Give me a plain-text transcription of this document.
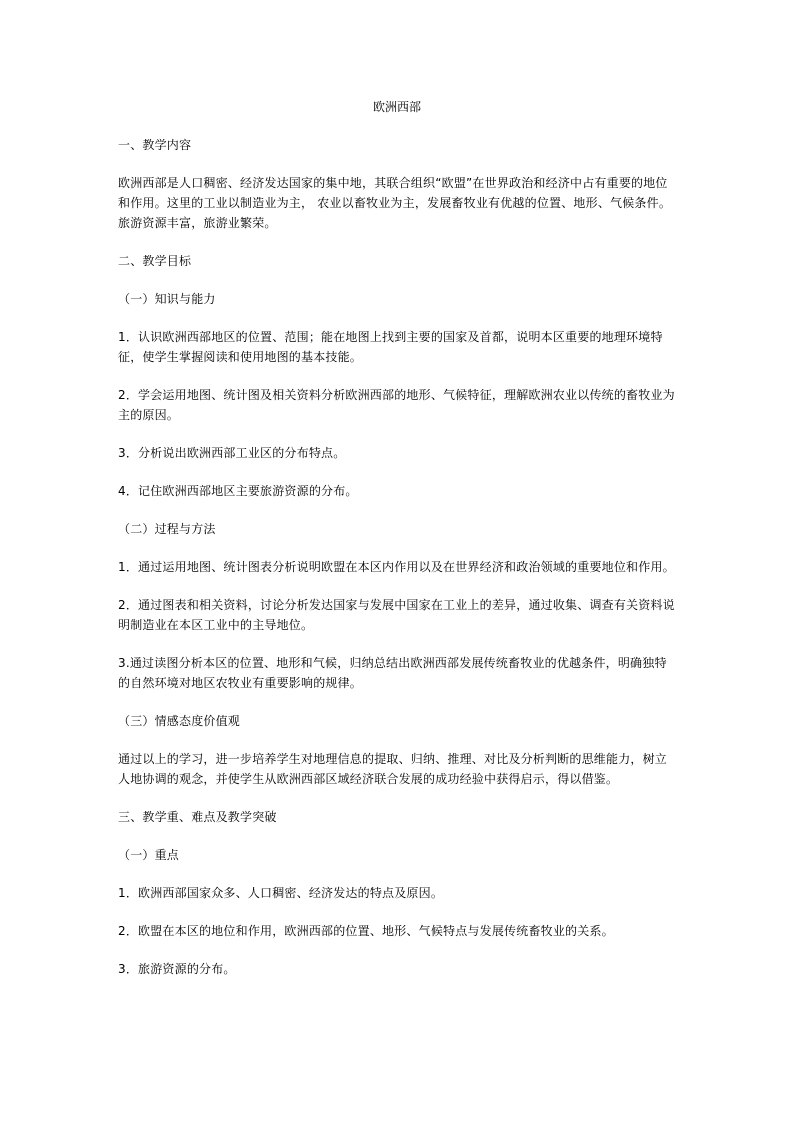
欧洲西部

一、教学内容

欧洲西部是人口稠密、经济发达国家的集中地，其联合组织“欧盟”在世界政治和经济中占有重要的地位和作用。这里的工业以制造业为主， 农业以畜牧业为主，发展畜牧业有优越的位置、地形、气候条件。旅游资源丰富，旅游业繁荣。

二、教学目标

（一）知识与能力

1．认识欧洲西部地区的位置、范围；能在地图上找到主要的国家及首都，说明本区重要的地理环境特征，使学生掌握阅读和使用地图的基本技能。

2．学会运用地图、统计图及相关资料分析欧洲西部的地形、气候特征，理解欧洲农业以传统的畜牧业为主的原因。

3．分析说出欧洲西部工业区的分布特点。

4．记住欧洲西部地区主要旅游资源的分布。

（二）过程与方法

1．通过运用地图、统计图表分析说明欧盟在本区内作用以及在世界经济和政治领域的重要地位和作用。

2．通过图表和相关资料，讨论分析发达国家与发展中国家在工业上的差异，通过收集、调查有关资料说明制造业在本区工业中的主导地位。

3.通过读图分析本区的位置、地形和气候，归纳总结出欧洲西部发展传统畜牧业的优越条件，明确独特的自然环境对地区农牧业有重要影响的规律。

（三）情感态度价值观

通过以上的学习，进一步培养学生对地理信息的提取、归纳、推理、对比及分析判断的思维能力，树立人地协调的观念，并使学生从欧洲西部区域经济联合发展的成功经验中获得启示，得以借鉴。

三、教学重、难点及教学突破

（一）重点

1．欧洲西部国家众多、人口稠密、经济发达的特点及原因。

2．欧盟在本区的地位和作用，欧洲西部的位置、地形、气候特点与发展传统畜牧业的关系。

3．旅游资源的分布。
